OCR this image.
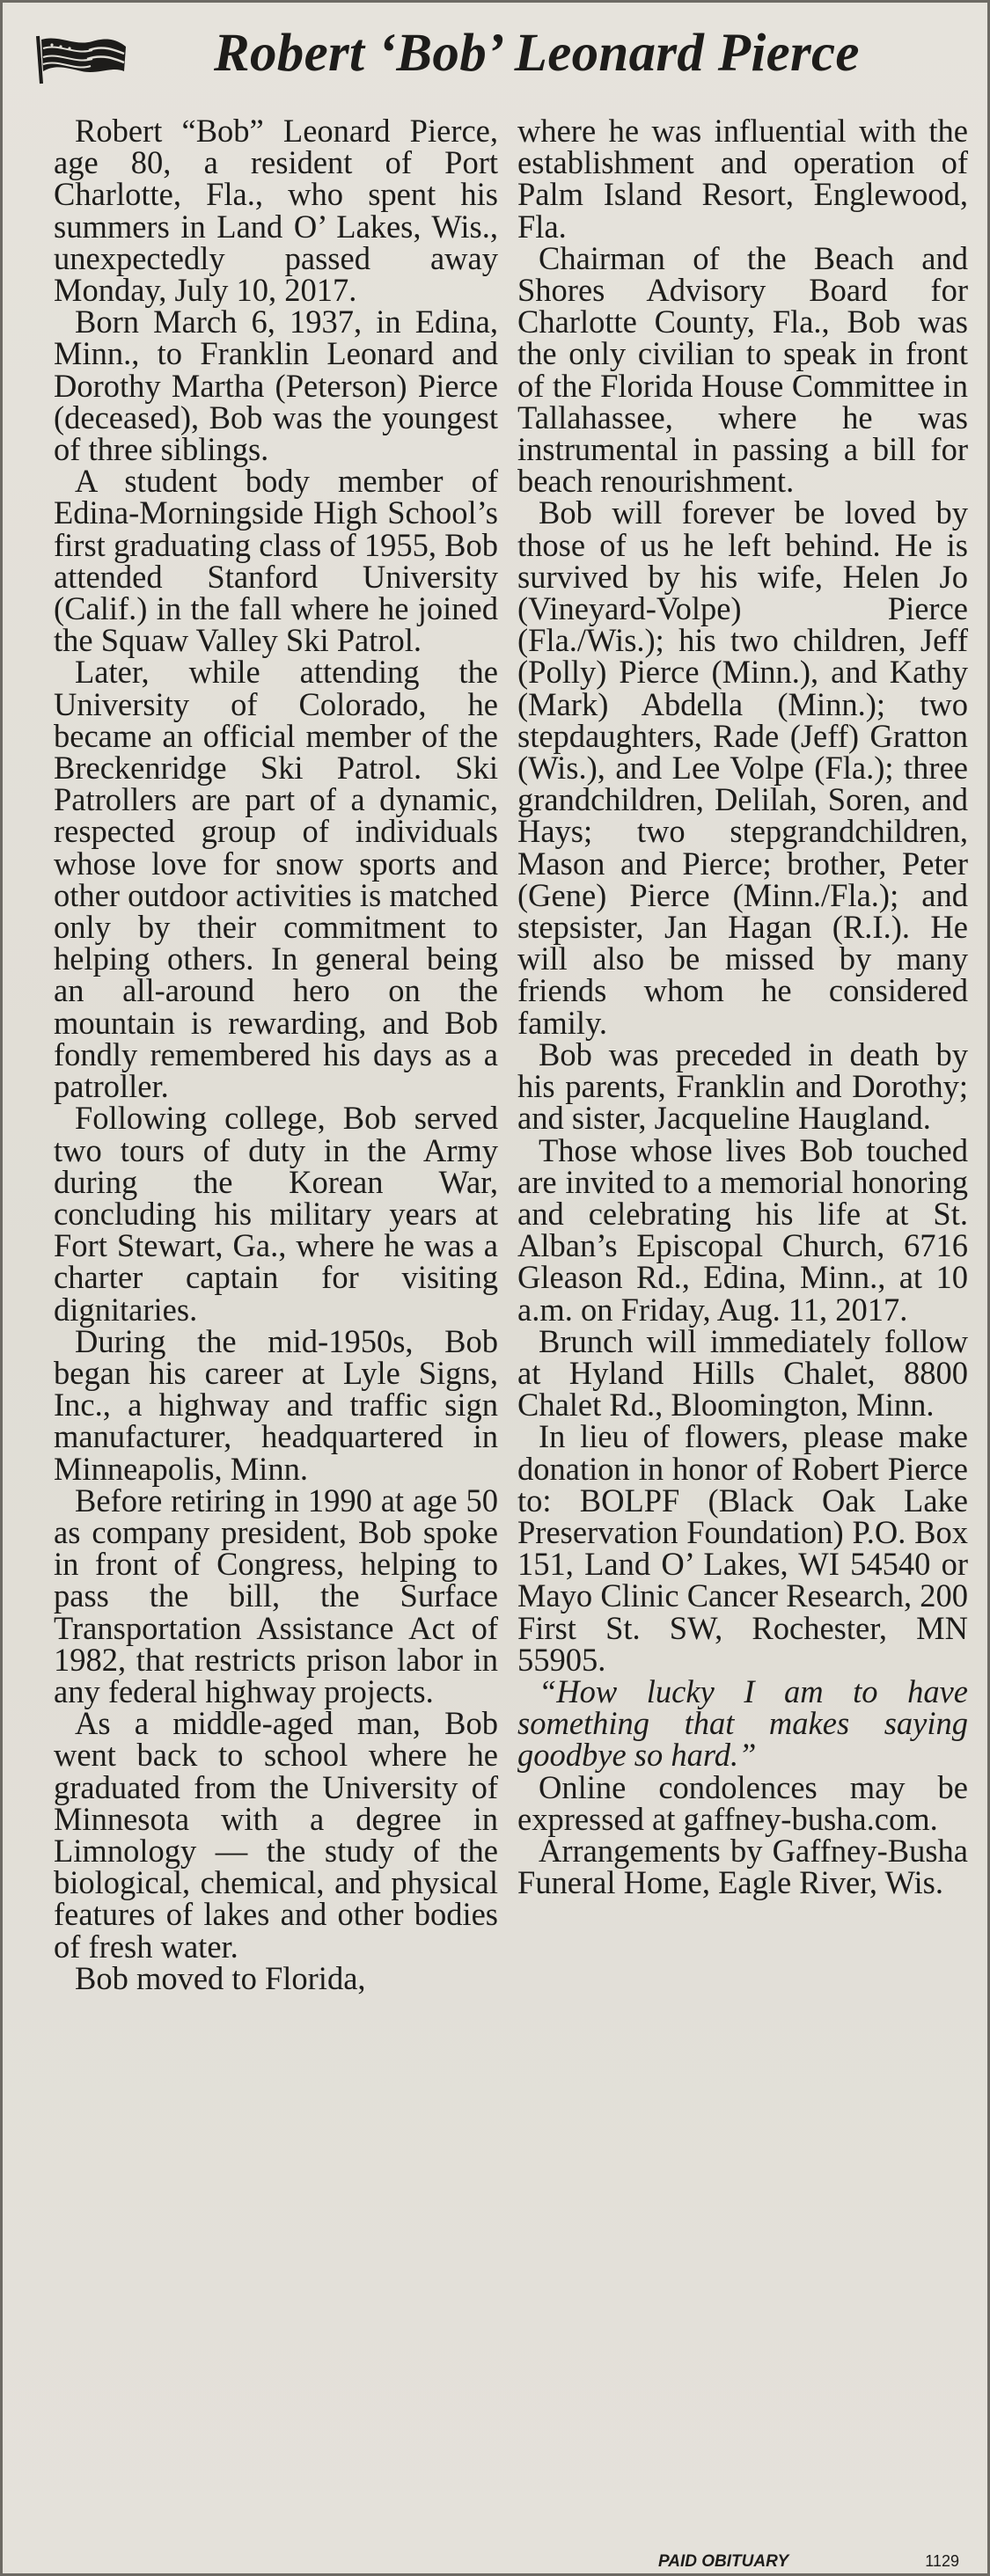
Robert ‘Bob’ Leonard Pierce

Robert “Bob” Leonard Pierce, age 80, a resident of Port Charlotte, Fla., who spent his summers in Land O’ Lakes, Wis., unexpectedly passed away Monday, July 10, 2017.

Born March 6, 1937, in Edina, Minn., to Franklin Leonard and Dorothy Martha (Peterson) Pierce (deceased), Bob was the youngest of three siblings.

A student body member of Edina-Morningside High School’s first graduating class of 1955, Bob attended Stanford University (Calif.) in the fall where he joined the Squaw Valley Ski Patrol.

Later, while attending the University of Colorado, he became an official member of the Breckenridge Ski Patrol. Ski Patrollers are part of a dynamic, respected group of individuals whose love for snow sports and other outdoor activities is matched only by their commitment to helping others. In general being an all-around hero on the mountain is rewarding, and Bob fondly remembered his days as a patroller.

Following college, Bob served two tours of duty in the Army during the Korean War, concluding his military years at Fort Stewart, Ga., where he was a charter captain for visiting dignitaries.

During the mid-1950s, Bob began his career at Lyle Signs, Inc., a highway and traffic sign manufacturer, headquartered in Minneapolis, Minn.

Before retiring in 1990 at age 50 as company president, Bob spoke in front of Congress, helping to pass the bill, the Surface Transportation Assistance Act of 1982, that restricts prison labor in any federal highway projects.

As a middle-aged man, Bob went back to school where he graduated from the University of Minnesota with a degree in Limnology — the study of the biological, chemical, and physical features of lakes and other bodies of fresh water.

Bob moved to Florida,

where he was influential with the establishment and operation of Palm Island Resort, Englewood, Fla.

Chairman of the Beach and Shores Advisory Board for Charlotte County, Fla., Bob was the only civilian to speak in front of the Florida House Committee in Tallahassee, where he was instrumental in passing a bill for beach renourishment.

Bob will forever be loved by those of us he left behind. He is survived by his wife, Helen Jo (Vineyard-Volpe) Pierce (Fla./Wis.); his two children, Jeff (Polly) Pierce (Minn.), and Kathy (Mark) Abdella (Minn.); two stepdaughters, Rade (Jeff) Gratton (Wis.), and Lee Volpe (Fla.); three grandchildren, Delilah, Soren, and Hays; two stepgrandchildren, Mason and Pierce; brother, Peter (Gene) Pierce (Minn./Fla.); and stepsister, Jan Hagan (R.I.). He will also be missed by many friends whom he considered family.

Bob was preceded in death by his parents, Franklin and Dorothy; and sister, Jacqueline Haugland.

Those whose lives Bob touched are invited to a memorial honoring and celebrating his life at St. Alban’s Episcopal Church, 6716 Gleason Rd., Edina, Minn., at 10 a.m. on Friday, Aug. 11, 2017.

Brunch will immediately follow at Hyland Hills Chalet, 8800 Chalet Rd., Bloomington, Minn.

In lieu of flowers, please make donation in honor of Robert Pierce to: BOLPF (Black Oak Lake Preservation Foundation) P.O. Box 151, Land O’ Lakes, WI 54540 or Mayo Clinic Cancer Research, 200 First St. SW, Rochester, MN 55905.

“How lucky I am to have something that makes saying goodbye so hard.”

Online condolences may be expressed at gaffney-busha.com.

Arrangements by Gaffney-Busha Funeral Home, Eagle River, Wis.

PAID OBITUARY	1129
